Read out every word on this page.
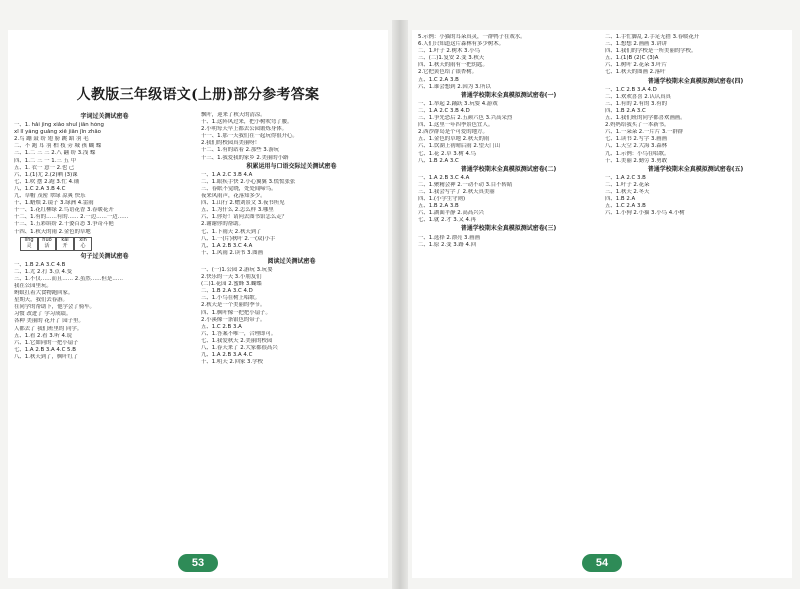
人教版三年级语文(上册)部分参考答案
字词过关测试密卷
一、1. hǎi jìng xiǎo shuǐ jiān hóng
xī lǐ yáng guǎng xiě jiān jīn zhāo
2.鸟 蹦 鼓 纷 翅 膀 跳 蹈 羽 毛
二、不 跑 耳 羽 柏 枝 旁 城 孩 蝴 蝶
三、1.二 三 三 2.八 翻 纷 3.浅 蝶
四、1.二 三 一 1.三 五 中
五、1. 衣一 意一 2.也 己
六、1.(1)尤 2.(2)晒 (3)课
七、1.吹 摆 2.跑 3.忙 4.铺
八、1.C 2.A 3.B 4.C
九、草帽 茂密 翠绿 凉爽 快乐
十、1.蜡烛 2.镜子 3.绿洲 4.雷雨
十一、1.花红柳绿 2.鸟语花香 3.春暖花开
十二、1.有的……有的…… 2.一边……一边……
十三、1.五彩缤纷 2.千姿百态 3.争奇斗艳
十四、1.秋天的雨 2.金色的草地
líng
灵
huó
活
kāi
开
xīn
心
句子过关测试密卷
一、1.B 2.A 3.C 4.B
二、1.尤 2.打 3.点 4.变
三、1.不仅……而且…… 2.虽然……但是……
我在公园里玩。
蚂蚁扛着大食物跑回家。
星期天，我们去春游。
在同学的帮助下，他学会了骑车。
习惯 改进了 学习成绩。
各种 美丽的 花开了 园子里。
人都去了 我们班里的 同学。
五、1.看 2.看 3.听 4.说
六、1.它如同的一把小扇子
七、1.A 2.B 3.A 4.C 5.B
八、1.秋天到了，枫叶红了
飘叶，迎来了秋天的清凉。
十、1.这阵风过来，把小树吹弯了腰。
2.小明每天早上都去公园锻炼身体。
十一、1.那一天我们在一起玩得很开心。
2.我们的校园真美丽呀！
十二、1.有的站着 2.那些 3.游玩
十三、1.我爱我的家乡 2.美丽的小路
积累运用与口语交际过关测试密卷
一、1.A 2.C 3.B 4.A
二、1.眼疾手快 2.小心翼翼 3.慌慌张张
三、春眠不觉晓，处处闻啼鸟。
夜来风雨声，花落知多少。
四、1.山行 2.赠刘景文 3.夜书所见
五、1.为什么 2.怎么样 3.哪里
六、1.你好！请问去图书馆怎么走？
2.谢谢你的帮助。
七、1.下雨天 2.秋天到了
八、1.一(片)秋叶 2.一(双)小手
九、1.A 2.B 3.C 4.A
十、1.风雨 2.读书 3.图画
阅读过关测试密卷
一、(一)1.公园 2.游玩 3.玩耍
2.快乐的一天 3.小朋友们
(二)1.花园 2.蜜蜂 3.蝴蝶
二、1.B 2.A 3.C 4.D
三、1.小鸟在树上唱歌。
2.秋天是一个美丽的季节。
四、1.枫叶像一把把小扇子。
2.小溪像一条银色的带子。
五、1.C 2.B 3.A
六、1.答案不唯一，合理即可。
七、1.我爱秋天 2.美丽的校园
八、1.春天来了 2.大家都很高兴
九、1.A 2.B 3.A 4.C
十、1.明天 2.回家 3.学校
53
5.示例：小猫的耳朵真灵，一群鸭子在戏水。
6.人们只知道这片森林有多少树木。
二、1.叶子 2.树木 3.小鸟
三、(二)1.复安 2.变 3.秋天
四、1.秋天的雨有一把钥匙。
2.它把黄色给了银杏树。
五、1.C 2.A 3.B
六、1.谁会想到 2.因为 3.所以
普通学校期末全真模拟测试密卷(一)
一、1.举起 2.踊跃 3.玩耍 4.游戏
二、1.A 2.C 3.B 4.D
三、1.争先恐后 2.五颜六色 3.兴高采烈
四、1.这里一年四季景色宜人。
2.西沙群岛是个可爱的地方。
五、1.金色的草地 2.秋天的雨
六、1.饮湖上初晴后雨 2.望天门山
七、1.花 2.草 3.树 4.鸟
八、1.B 2.A 3.C
普通学校期末全真模拟测试密卷(二)
一、1.A 2.B 3.C 4.A
二、1.聚精会神 2.一动不动 3.目不转睛
三、1.我会写字了 2.秋天真美丽
四、1.(小学生守则)
五、1.B 2.A 3.B
六、1.湖面平静 2.高高兴兴
七、1.就 2.才 3.又 4.再
普通学校期末全真模拟测试密卷(三)
一、1.选择 2.漂亮 3.画画
二、1.原 2.变 3.路 4.回
二、1.手忙脚乱 2.手足无措 3.春暖花开
三、1.想想 2.画画 3.讲讲
四、1.我们的学校是一所美丽的学校。
五、1.(1)B (2)C (3)A
六、1.树叶 2.花朵 3.叶片
七、1.秋天的图画 2.落叶
普通学校期末全真模拟测试密卷(四)
一、1.C 2.B 3.A 4.D
二、1.欢欢喜喜 2.认认真真
三、1.有的 2.有的 3.有的
四、1.B 2.A 3.C
五、1.我们班的同学都喜欢画画。
2.妈妈给我买了一本新书。
六、1.一朵朵 2.一片片 3.一群群
七、1.读书 2.写字 3.画画
八、1.天空 2.大海 3.森林
九、1.示例：小鸟在唱歌。
十、1.美丽 2.勤劳 3.勇敢
普通学校期末全真模拟测试密卷(五)
一、1.A 2.C 3.B
二、1.叶子 2.花朵
三、1.秋天 2.冬天
四、1.B 2.A
五、1.C 2.A 3.B
六、1.小狗 2.小猫 3.小鸟 4.小树
54
